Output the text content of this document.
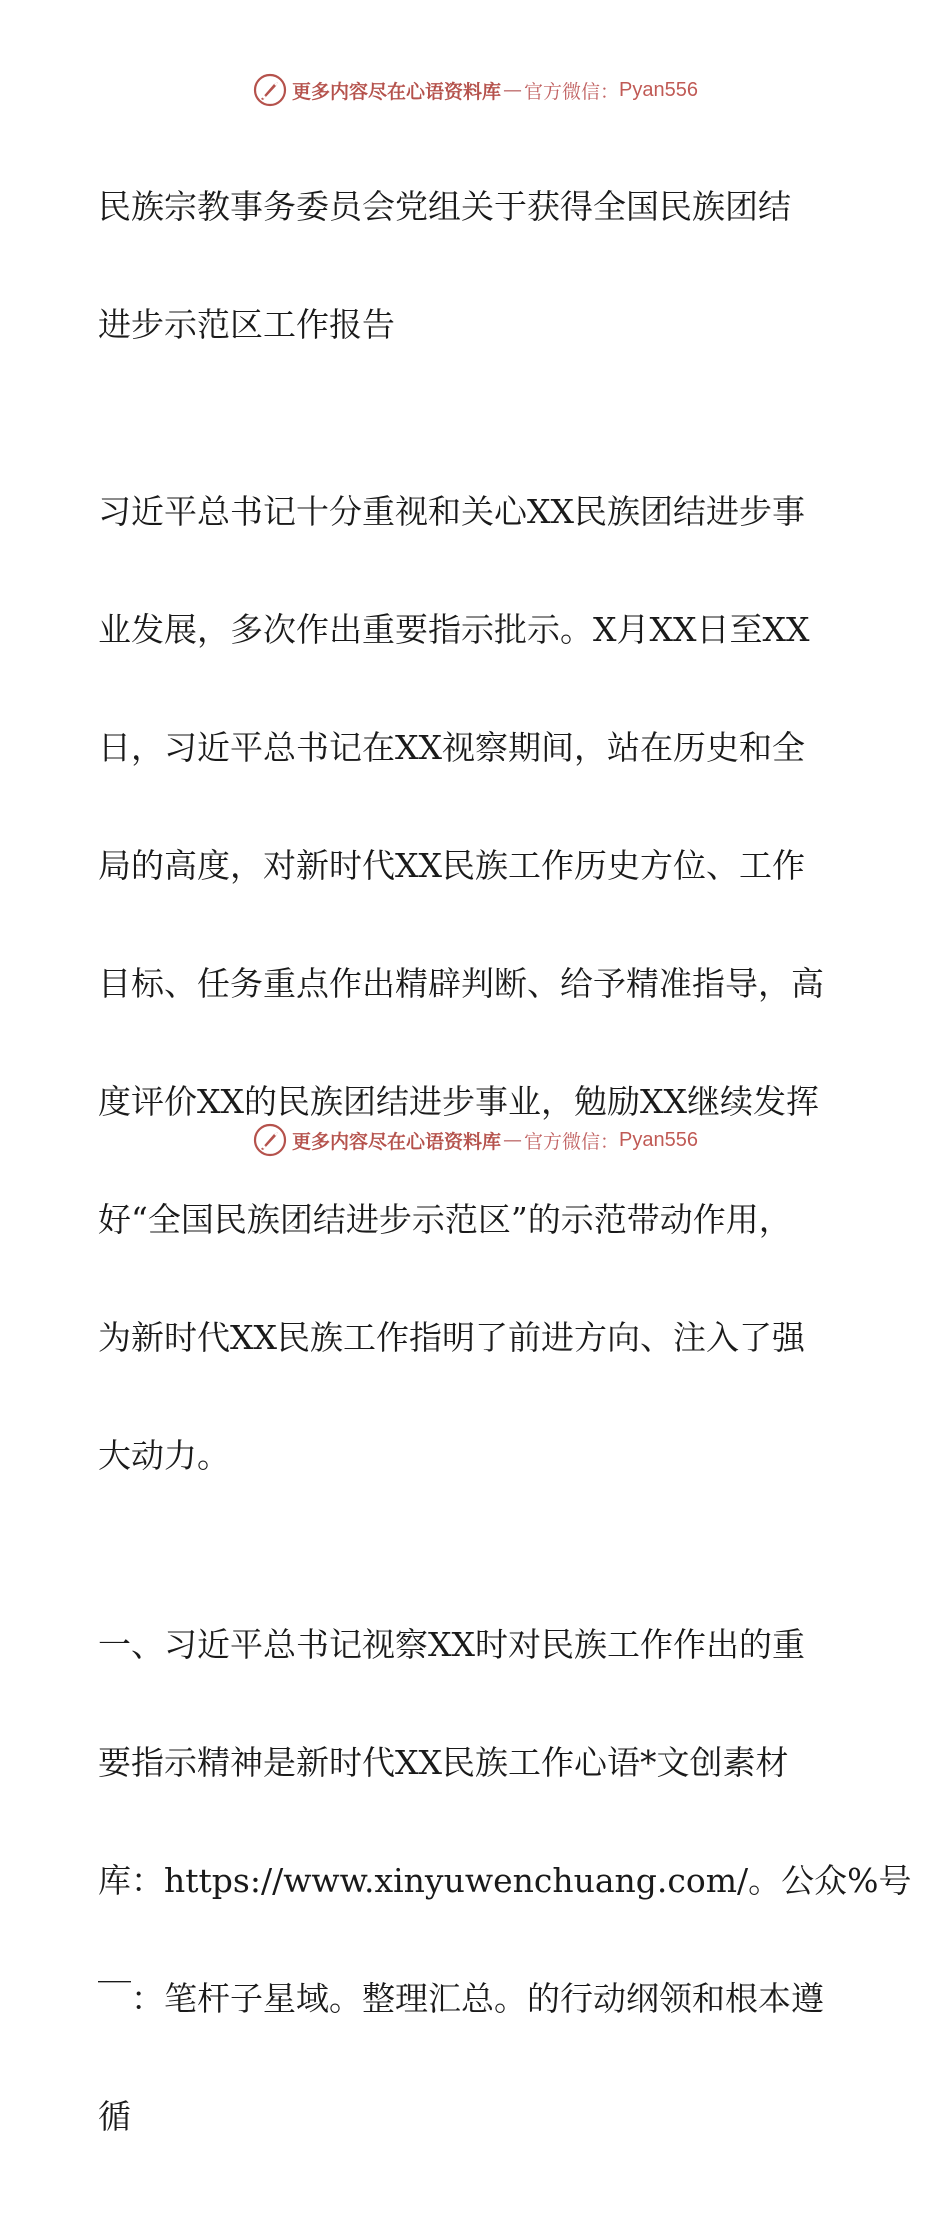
更多内容尽在心语资料库 — 官方微信： Pyan556

民族宗教事务委员会党组关于获得全国民族团结

进步示范区工作报告

习近平总书记十分重视和关心XX民族团结进步事

业发展，多次作出重要指示批示。X月XX日至XX

日，习近平总书记在XX视察期间，站在历史和全

局的高度，对新时代XX民族工作历史方位、工作

目标、任务重点作出精辟判断、给予精准指导，高

度评价XX的民族团结进步事业，勉励XX继续发挥

好“全国民族团结进步示范区”的示范带动作用，

为新时代XX民族工作指明了前进方向、注入了强

大动力。

一、习近平总书记视察XX时对民族工作作出的重

要指示精神是新时代XX民族工作心语*文创素材

库：https://www.xinyuwenchuang.com/。公众%号

￣：笔杆子星域。整理汇总。的行动纲领和根本遵

循

更多内容尽在心语资料库 — 官方微信： Pyan556
